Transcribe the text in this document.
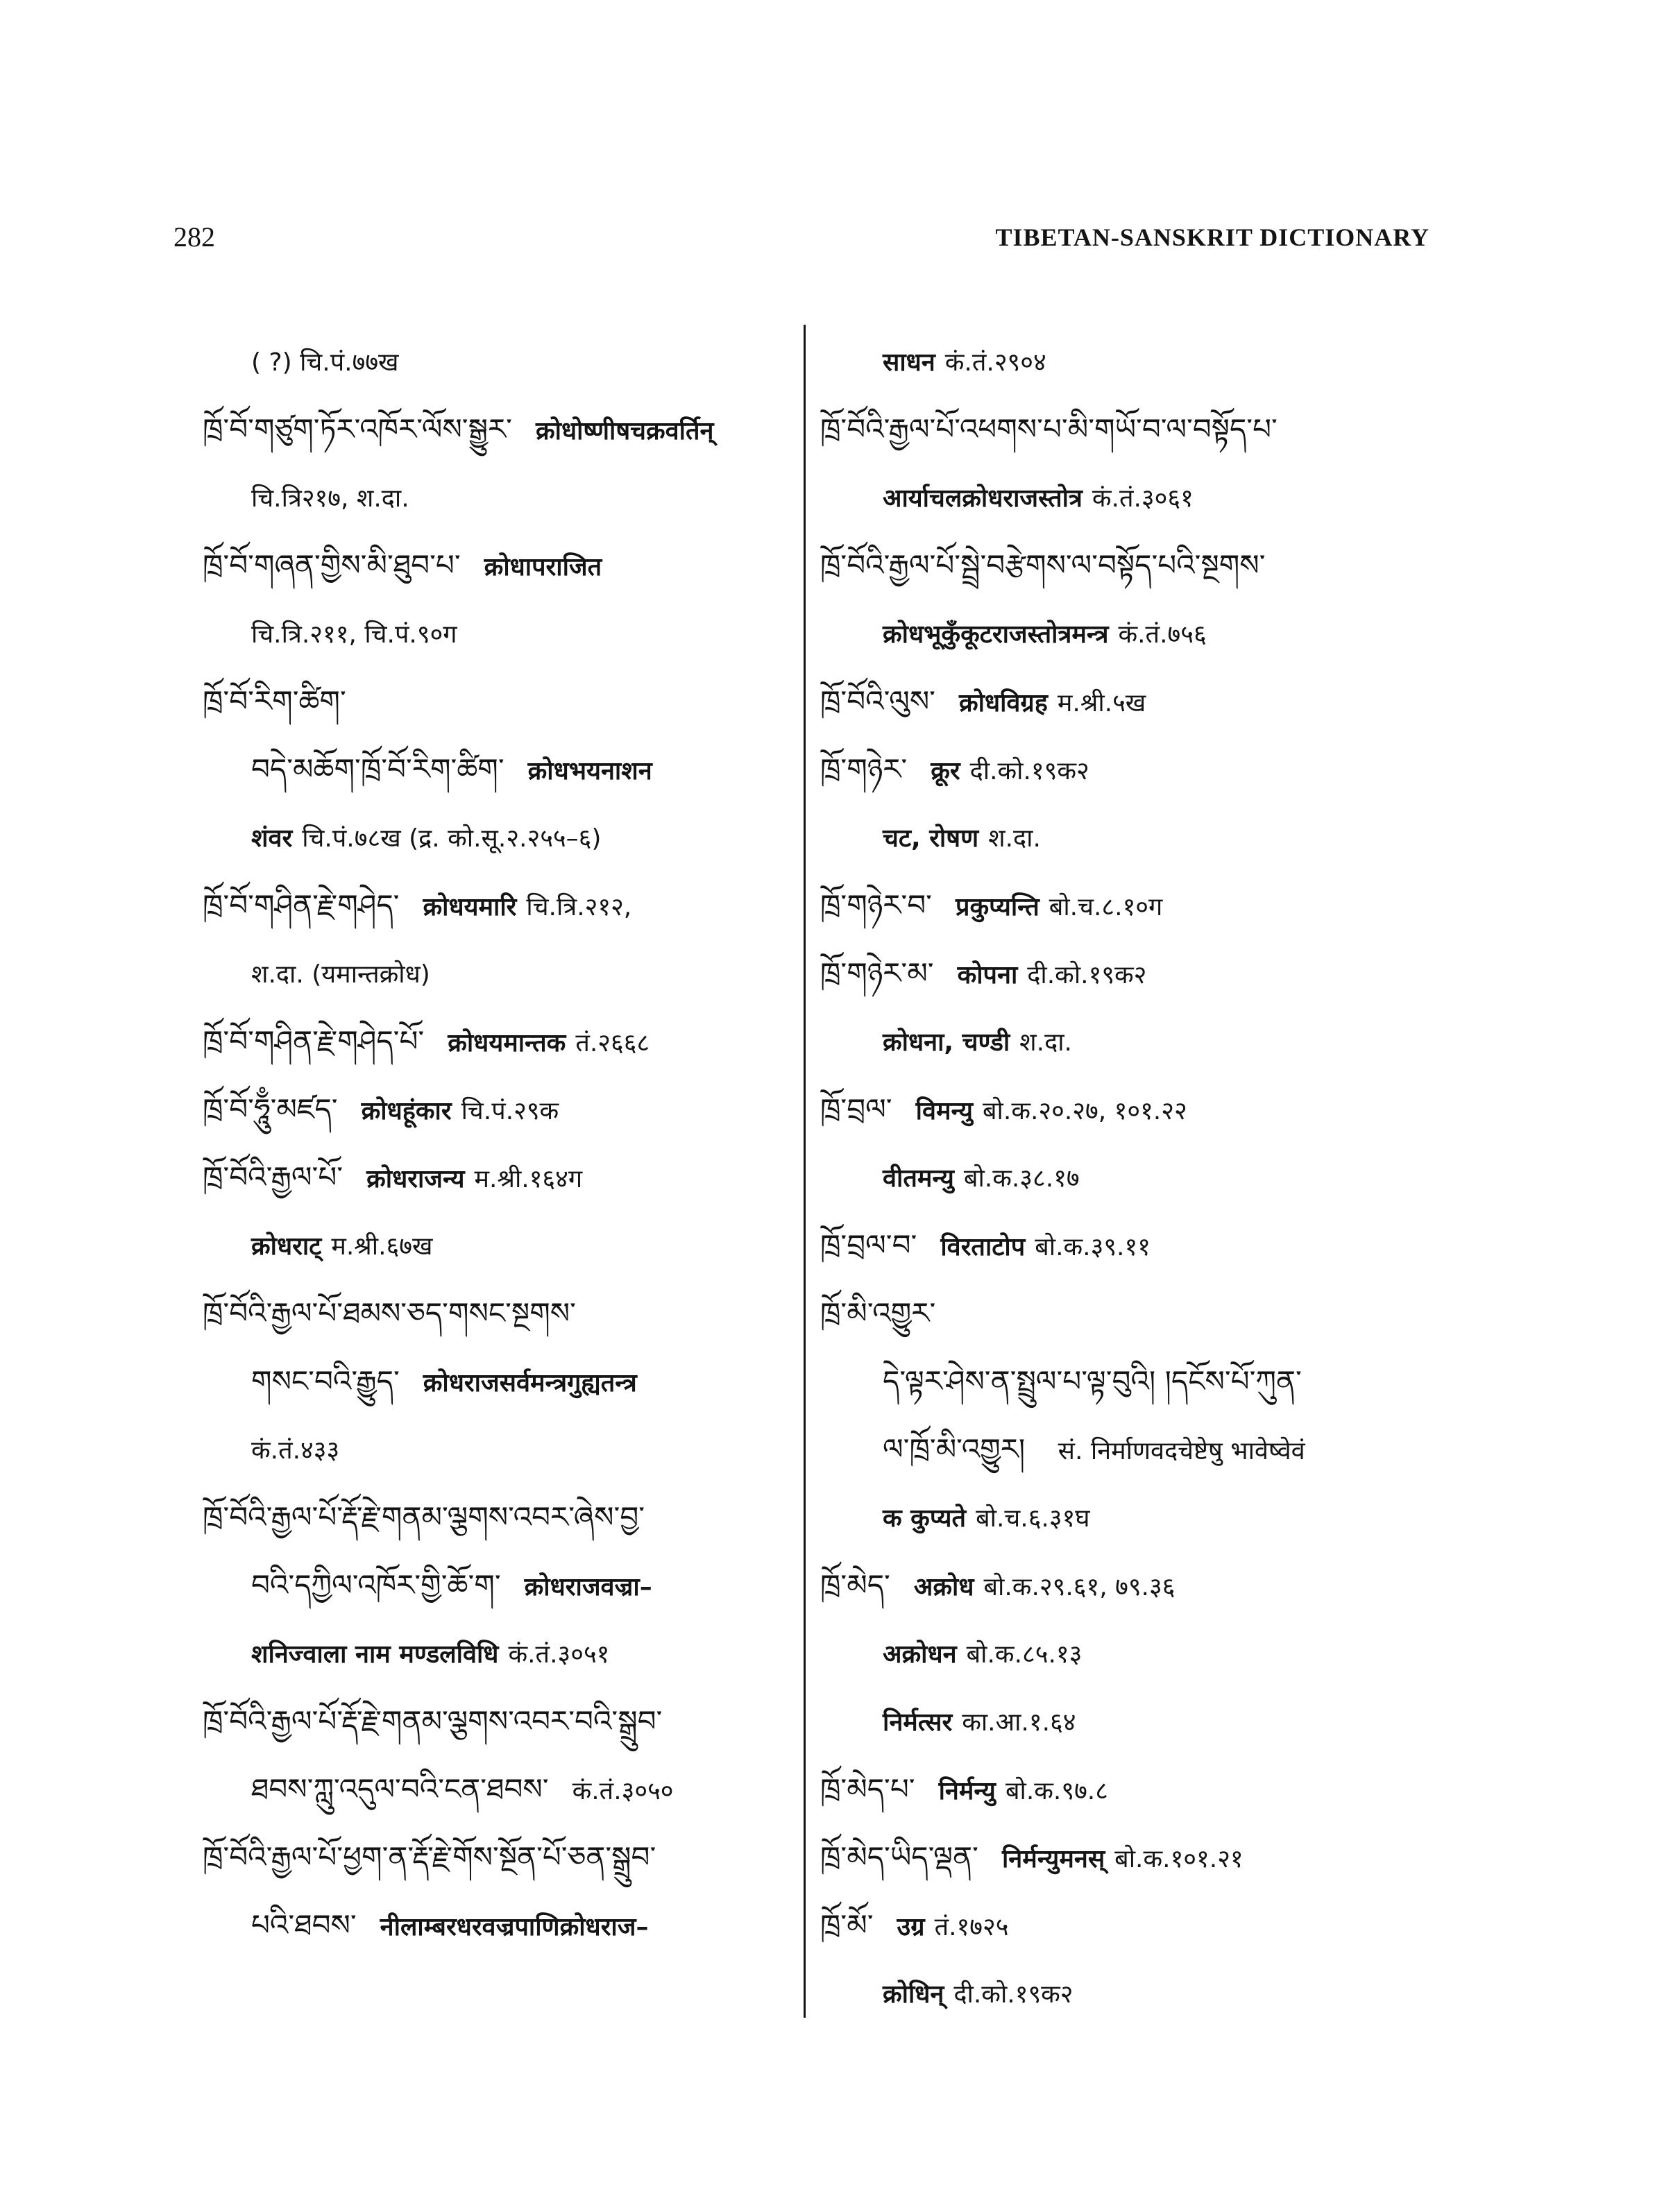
282	TIBETAN-SANSKRIT DICTIONARY
( ?) चि.पं.७७ख
ཁྲོ་བོ་གཙུག་ཏོར་འཁོར་ལོས་སྒྱུར་ क्रोधोष्णीषचक्रवर्तिन्
चि.त्रि२१७, श.दा.
ཁྲོ་བོ་གཞན་གྱིས་མི་ཐུབ་པ་ क्रोधापराजित
चि.त्रि.२११, चि.पं.९०ग
ཁྲོ་བོ་རིག་ཚིག་
བདེ་མཆོག་ཁྲོ་བོ་རིག་ཚིག་ क्रोधभयनाशन
शंवर चि.पं.७८ख (द्र. को.सू.२.२५५–६)
ཁྲོ་བོ་གཤིན་རྗེ་གཤེད་ क्रोधयमारि चि.त्रि.२१२,
श.दा. (यमान्तक्रोध)
ཁྲོ་བོ་གཤིན་རྗེ་གཤེད་པོ་ क्रोधयमान्तक तं.२६६८
ཁྲོ་བོ་ཧཱུྃ་མཛད་ क्रोधहूंकार चि.पं.२९क
ཁྲོ་བོའི་རྒྱལ་པོ་ क्रोधराजन्य म.श्री.१६४ग
क्रोधराट् म.श्री.६७ख
ཁྲོ་བོའི་རྒྱལ་པོ་ཐམས་ཅད་གསང་སྔགས་
གསང་བའི་རྒྱུད་ क्रोधराजसर्वमन्त्रगुह्यतन्त्र
कं.तं.४३३
ཁྲོ་བོའི་རྒྱལ་པོ་རྡོ་རྗེ་གནམ་ལྕགས་འབར་ཞེས་བྱ་
བའི་དཀྱིལ་འཁོར་གྱི་ཆོ་ག་ क्रोधराजवज्रा–
शनिज्वाला नाम मण्डलविधि कं.तं.३०५१
ཁྲོ་བོའི་རྒྱལ་པོ་རྡོ་རྗེ་གནམ་ལྕགས་འབར་བའི་སྒྲུབ་
ཐབས་ཀླུ་འདུལ་བའི་ངན་ཐབས་ कं.तं.३०५०
ཁྲོ་བོའི་རྒྱལ་པོ་ཕྱག་ན་རྡོ་རྗེ་གོས་སྔོན་པོ་ཅན་སྒྲུབ་
པའི་ཐབས་ नीलाम्बरधरवज्रपाणिक्रोधराज–
साधन कं.तं.२९०४
ཁྲོ་བོའི་རྒྱལ་པོ་འཕགས་པ་མི་གཡོ་བ་ལ་བསྟོད་པ་
आर्याचलक्रोधराजस्तोत्र कं.तं.३०६१
ཁྲོ་བོའི་རྒྱལ་པོ་སྦྲེ་བརྩེགས་ལ་བསྟོད་པའི་སྔགས་
क्रोधभूकुँकूटराजस्तोत्रमन्त्र कं.तं.७५६
ཁྲོ་བོའི་ལུས་ क्रोधविग्रह म.श्री.५ख
ཁྲོ་གཉེར་ क्रूर दी.को.१९क२
चट, रोषण श.दा.
ཁྲོ་གཉེར་བ་ प्रकुप्यन्ति बो.च.८.१०ग
ཁྲོ་གཉེར་མ་ कोपना दी.को.१९क२
क्रोधना, चण्डी श.दा.
ཁྲོ་བྲལ་ विमन्यु बो.क.२०.२७, १०१.२२
वीतमन्यु बो.क.३८.१७
ཁྲོ་བྲལ་བ་ विरताटोप बो.क.३९.११
ཁྲོ་མི་འགྱུར་
དེ་ལྟར་ཤེས་ན་སྤྲུལ་པ་ལྟ་བུའི། །དངོས་པོ་ཀུན་
ལ་ཁྲོ་མི་འགྱུར། सं. निर्माणवदचेष्टेषु भावेष्वेवं
क कुप्यते बो.च.६.३१घ
ཁྲོ་མེད་ अक्रोध बो.क.२९.६१, ७९.३६
अक्रोधन बो.क.८५.१३
निर्मत्सर का.आ.१.६४
ཁྲོ་མེད་པ་ निर्मन्यु बो.क.९७.८
ཁྲོ་མེད་ཡིད་ལྡན་ निर्मन्युमनस् बो.क.१०१.२१
ཁྲོ་མོ་ उग्र तं.१७२५
क्रोधिन् दी.को.१९क२
